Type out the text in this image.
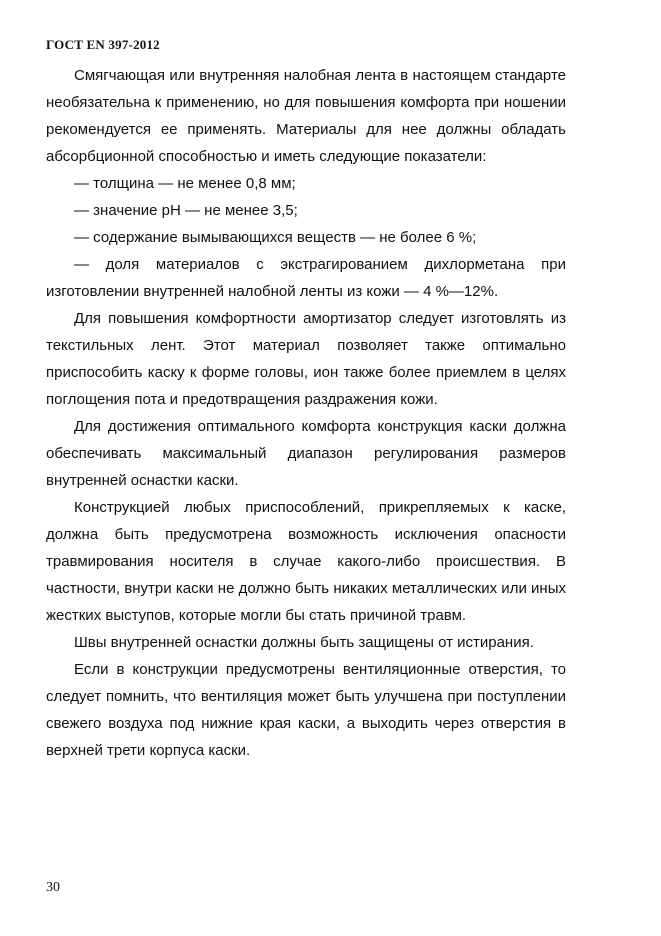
ГОСТ EN 397-2012

Смягчающая или внутренняя налобная лента в настоящем стандарте необязательна к применению, но для повышения комфорта при ношении рекомендуется ее применять. Материалы для нее должны обладать абсорбционной способностью и иметь следующие показатели:

— толщина — не менее 0,8 мм;
— значение pH — не менее 3,5;
— содержание вымывающихся веществ — не более 6 %;
— доля материалов с экстрагированием дихлорметана при изготовлении внутренней налобной ленты из кожи — 4 %—12%.

Для повышения комфортности амортизатор следует изготовлять из текстильных лент. Этот материал позволяет также оптимально приспособить каску к форме головы, ион также более приемлем в целях поглощения пота и предотвращения раздражения кожи.

Для достижения оптимального комфорта конструкция каски должна обеспечивать максимальный диапазон регулирования размеров внутренней оснастки каски.

Конструкцией любых приспособлений, прикрепляемых к каске, должна быть предусмотрена возможность исключения опасности травмирования носителя в случае какого-либо происшествия. В частности, внутри каски не должно быть никаких металлических или иных жестких выступов, которые могли бы стать причиной травм.

Швы внутренней оснастки должны быть защищены от истирания.

Если в конструкции предусмотрены вентиляционные отверстия, то следует помнить, что вентиляция может быть улучшена при поступлении свежего воздуха под нижние края каски, а выходить через отверстия в верхней трети корпуса каски.

30
